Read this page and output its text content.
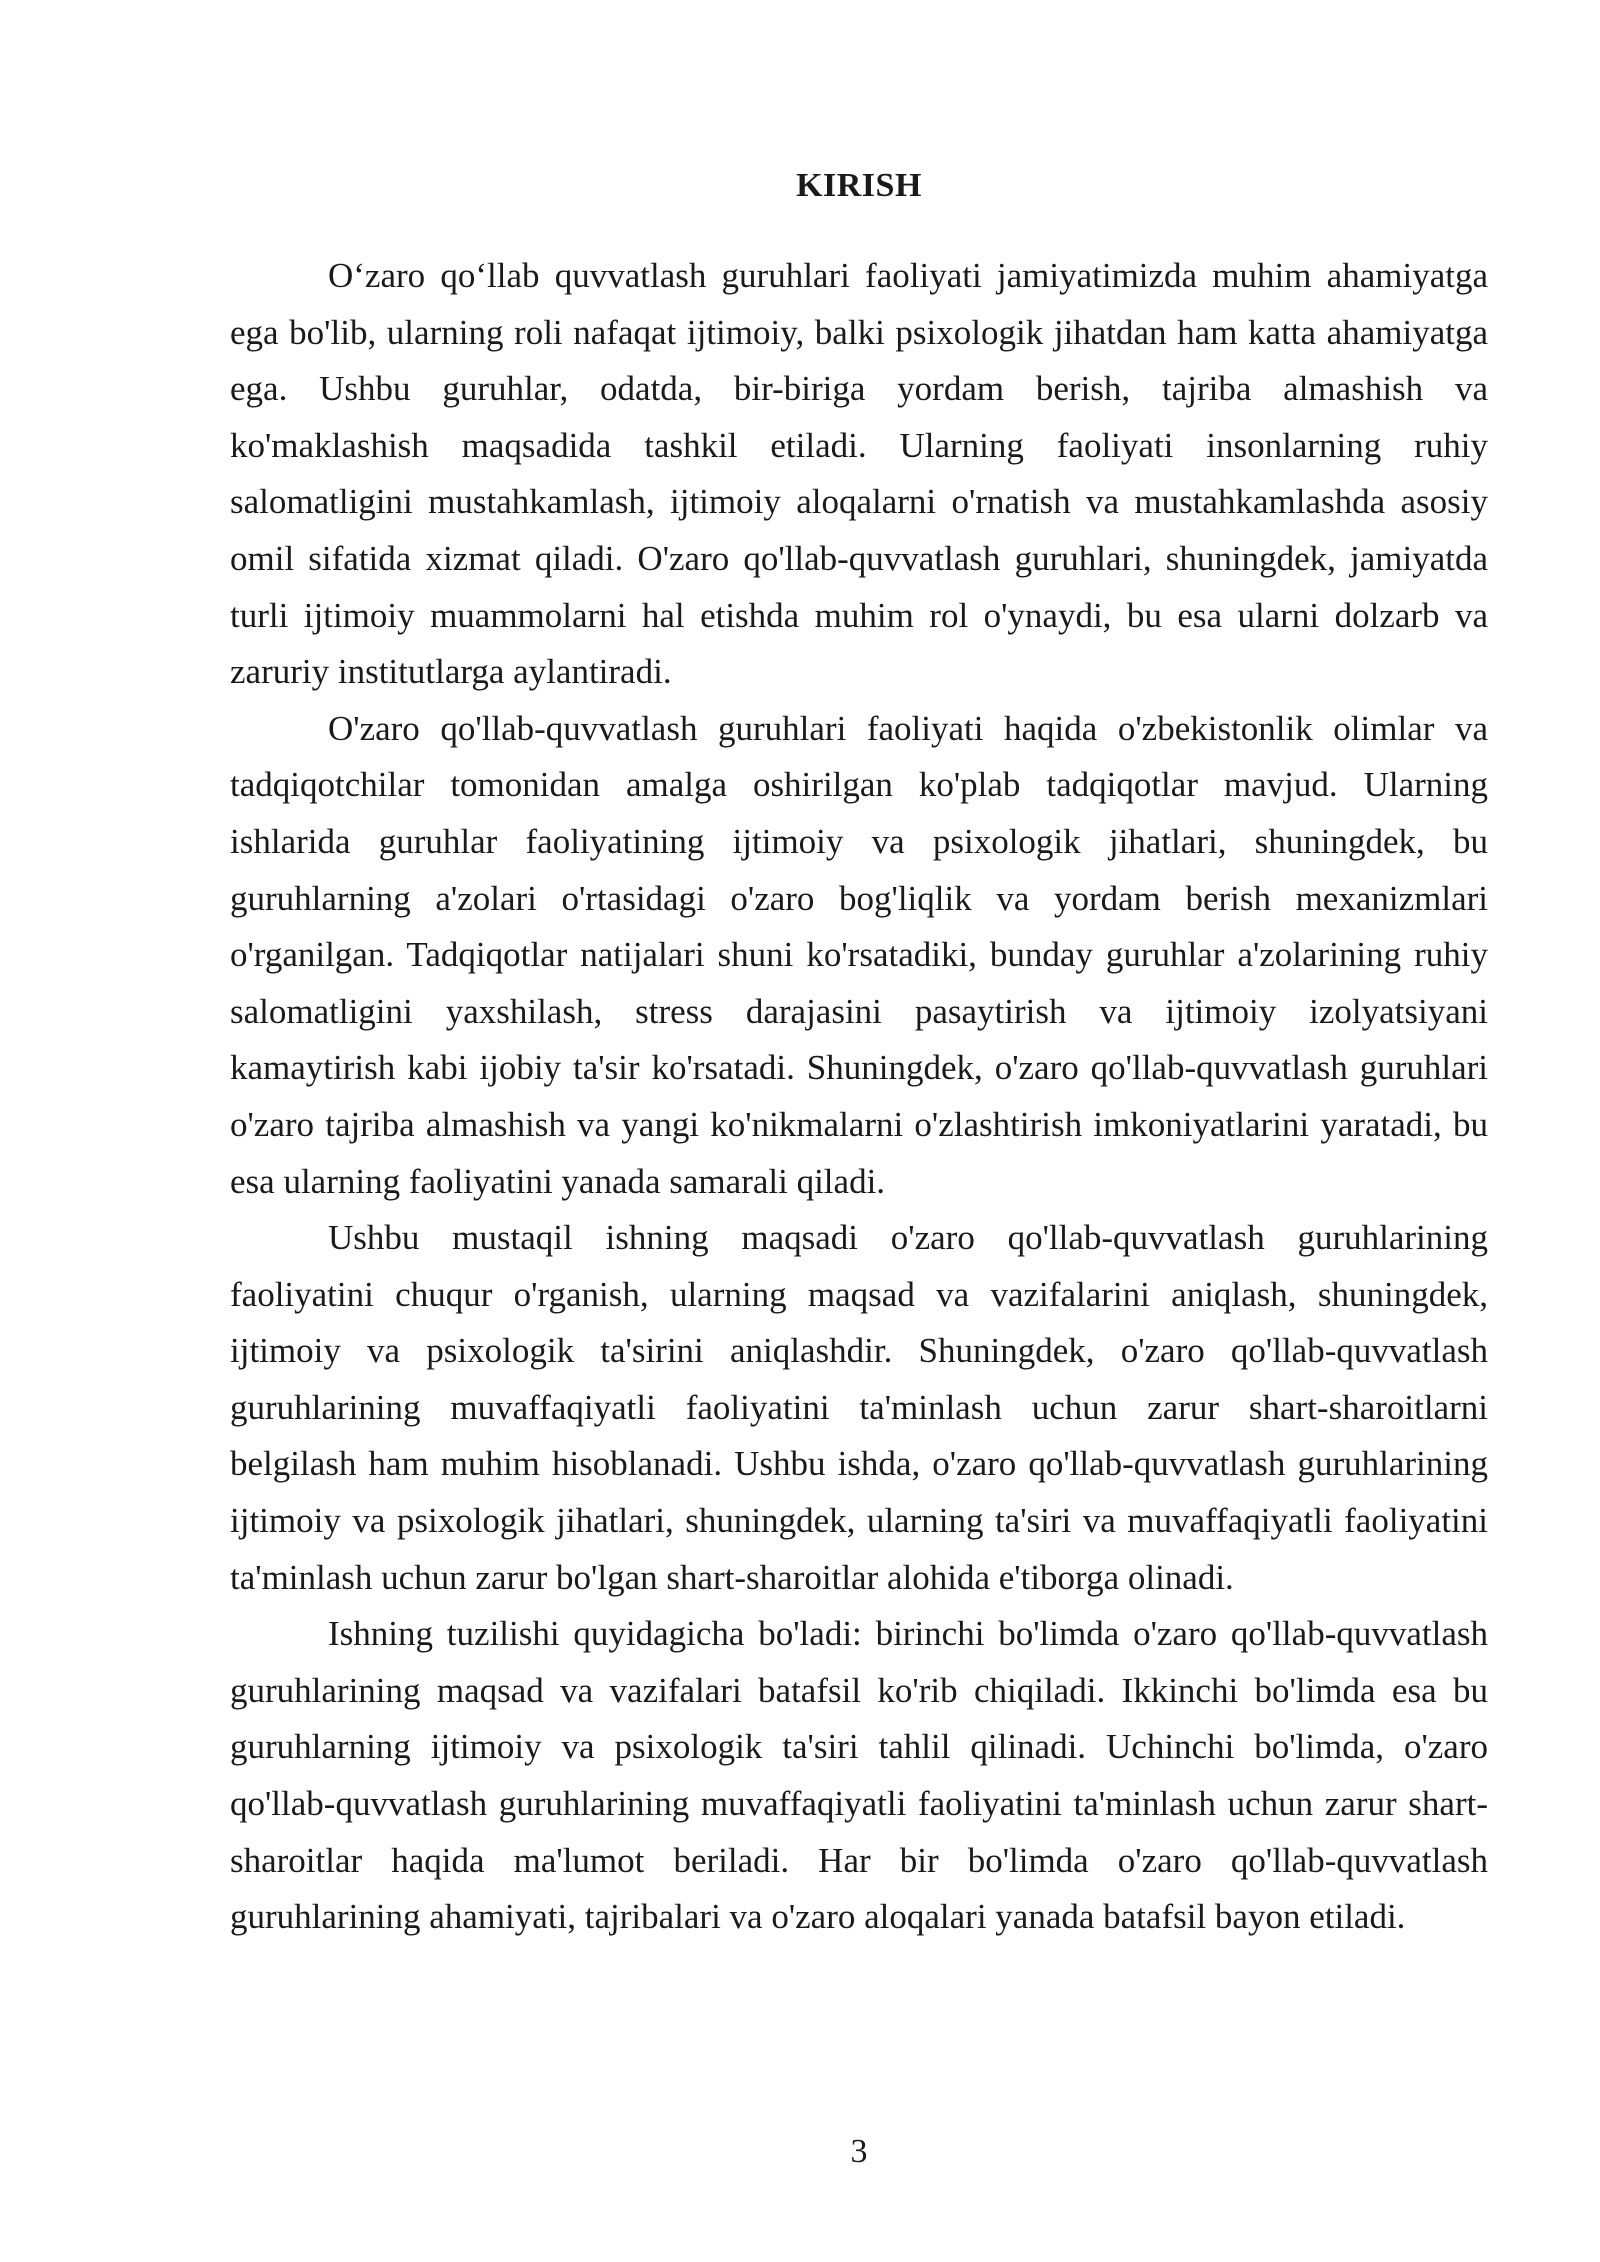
KIRISH

O‘zaro qo‘llab quvvatlash guruhlari faoliyati jamiyatimizda muhim ahamiyatga ega bo'lib, ularning roli nafaqat ijtimoiy, balki psixologik jihatdan ham katta ahamiyatga ega. Ushbu guruhlar, odatda, bir-biriga yordam berish, tajriba almashish va ko'maklashish maqsadida tashkil etiladi. Ularning faoliyati insonlarning ruhiy salomatligini mustahkamlash, ijtimoiy aloqalarni o'rnatish va mustahkamlashda asosiy omil sifatida xizmat qiladi. O'zaro qo'llab-quvvatlash guruhlari, shuningdek, jamiyatda turli ijtimoiy muammolarni hal etishda muhim rol o'ynaydi, bu esa ularni dolzarb va zaruriy institutlarga aylantiradi.

O'zaro qo'llab-quvvatlash guruhlari faoliyati haqida o'zbekistonlik olimlar va tadqiqotchilar tomonidan amalga oshirilgan ko'plab tadqiqotlar mavjud. Ularning ishlarida guruhlar faoliyatining ijtimoiy va psixologik jihatlari, shuningdek, bu guruhlarning a'zolari o'rtasidagi o'zaro bog'liqlik va yordam berish mexanizmlari o'rganilgan. Tadqiqotlar natijalari shuni ko'rsatadiki, bunday guruhlar a'zolarining ruhiy salomatligini yaxshilash, stress darajasini pasaytirish va ijtimoiy izolyatsiyani kamaytirish kabi ijobiy ta'sir ko'rsatadi. Shuningdek, o'zaro qo'llab-quvvatlash guruhlari o'zaro tajriba almashish va yangi ko'nikmalarni o'zlashtirish imkoniyatlarini yaratadi, bu esa ularning faoliyatini yanada samarali qiladi.

Ushbu mustaqil ishning maqsadi o'zaro qo'llab-quvvatlash guruhlarining faoliyatini chuqur o'rganish, ularning maqsad va vazifalarini aniqlash, shuningdek, ijtimoiy va psixologik ta'sirini aniqlashdir. Shuningdek, o'zaro qo'llab-quvvatlash guruhlarining muvaffaqiyatli faoliyatini ta'minlash uchun zarur shart-sharoitlarni belgilash ham muhim hisoblanadi. Ushbu ishda, o'zaro qo'llab-quvvatlash guruhlarining ijtimoiy va psixologik jihatlari, shuningdek, ularning ta'siri va muvaffaqiyatli faoliyatini ta'minlash uchun zarur bo'lgan shart-sharoitlar alohida e'tiborga olinadi.

Ishning tuzilishi quyidagicha bo'ladi: birinchi bo'limda o'zaro qo'llab-quvvatlash guruhlarining maqsad va vazifalari batafsil ko'rib chiqiladi. Ikkinchi bo'limda esa bu guruhlarning ijtimoiy va psixologik ta'siri tahlil qilinadi. Uchinchi bo'limda, o'zaro qo'llab-quvvatlash guruhlarining muvaffaqiyatli faoliyatini ta'minlash uchun zarur shart-sharoitlar haqida ma'lumot beriladi. Har bir bo'limda o'zaro qo'llab-quvvatlash guruhlarining ahamiyati, tajribalari va o'zaro aloqalari yanada batafsil bayon etiladi.

3
